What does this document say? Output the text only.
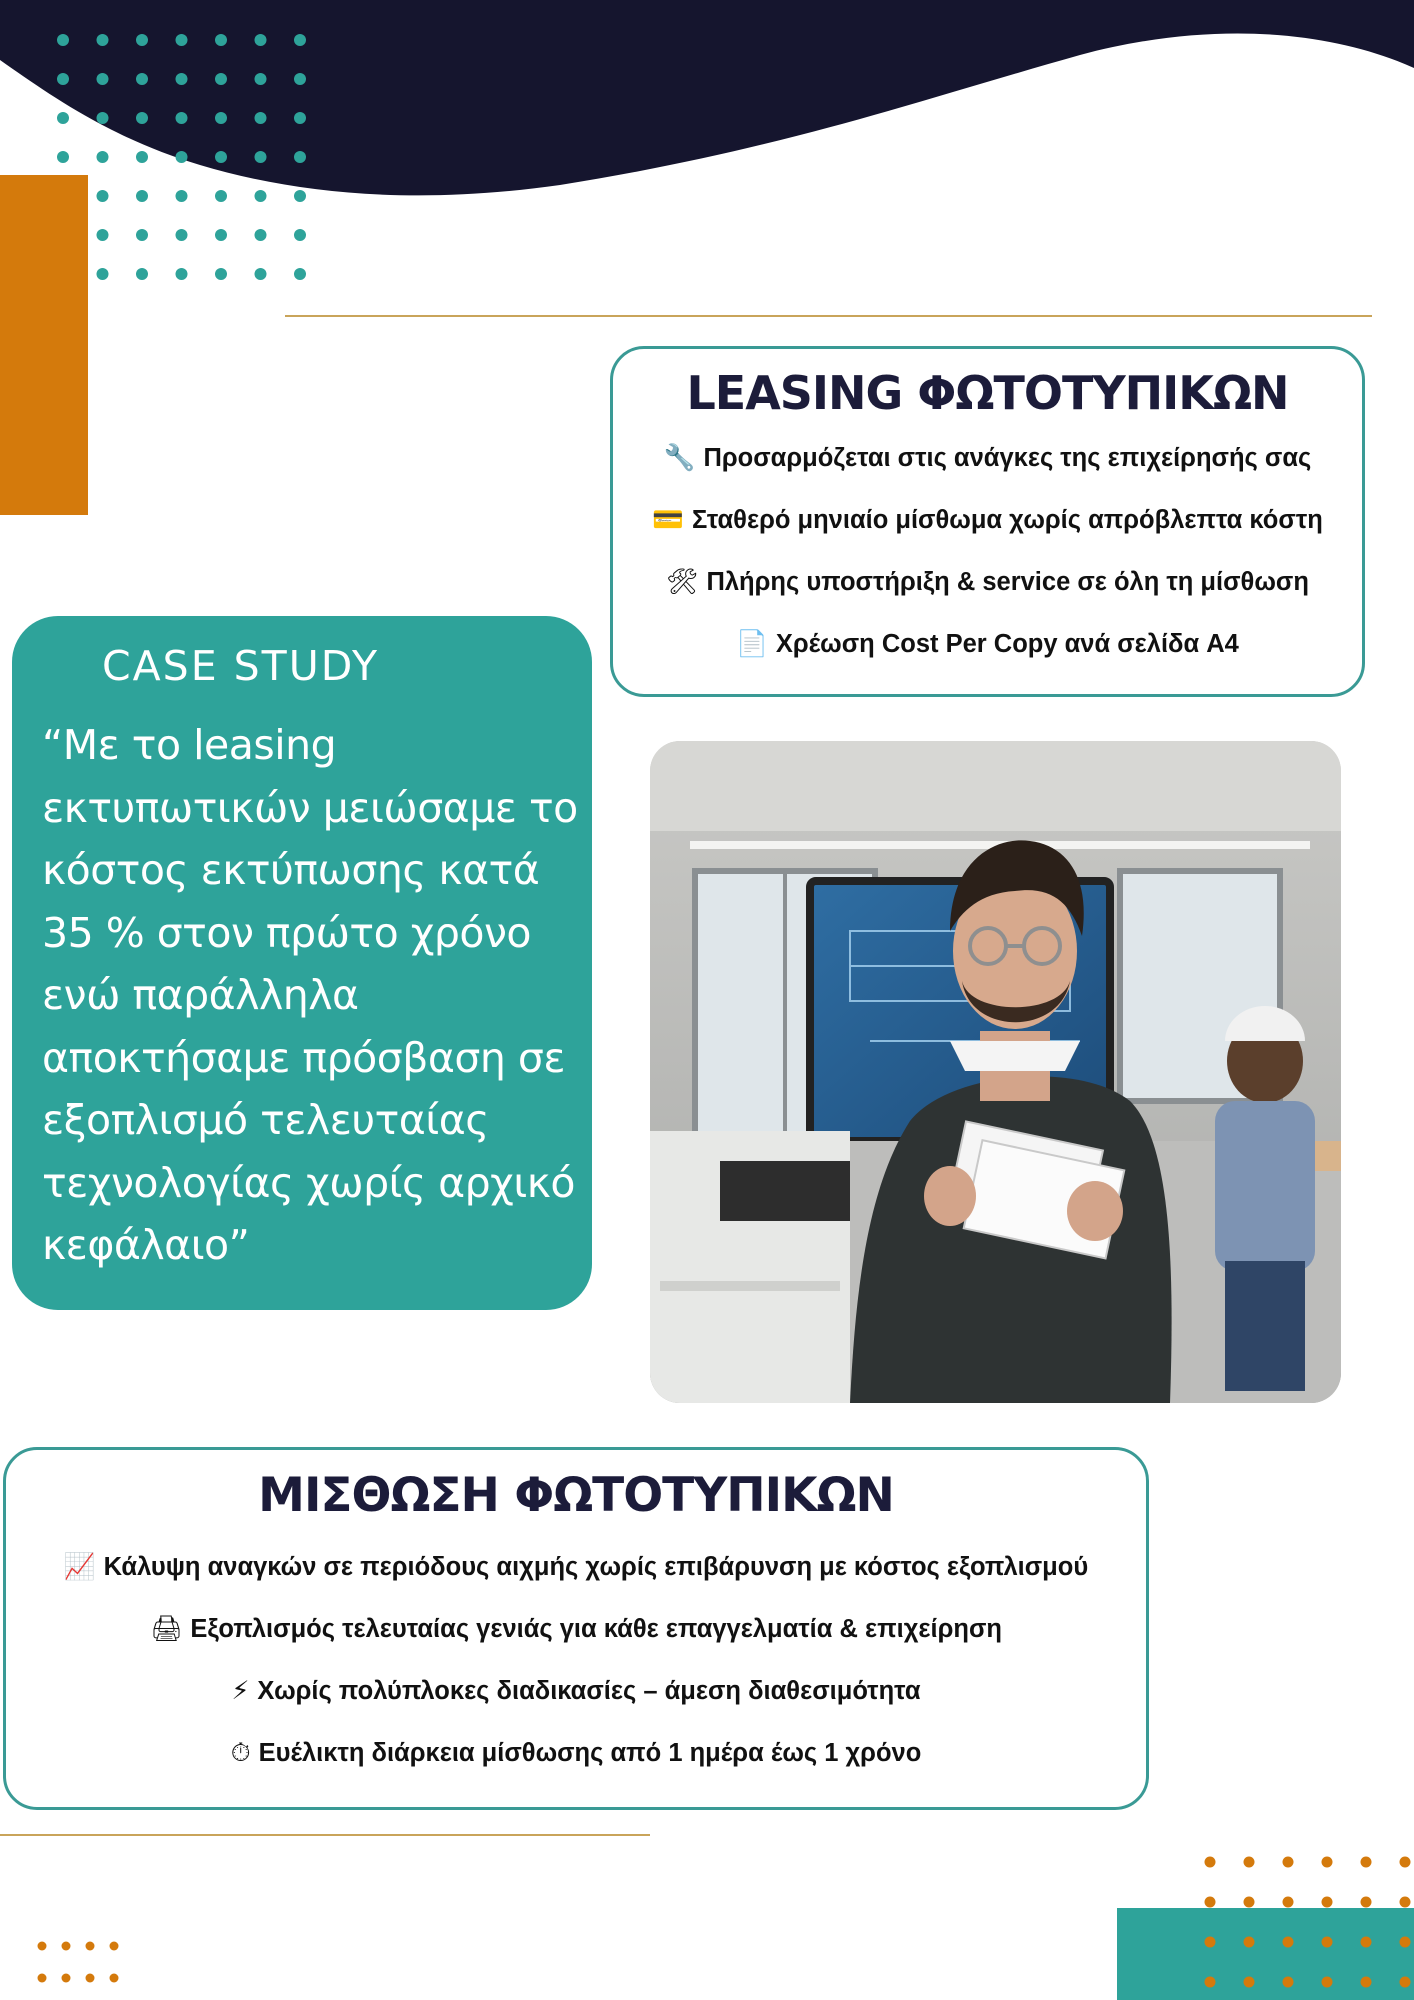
LEASING ΦΩΤΟΤΥΠΙΚΩΝ
🔧 Προσαρμόζεται στις ανάγκες της επιχείρησής σας
💳 Σταθερό μηνιαίο μίσθωμα χωρίς απρόβλεπτα κόστη
🛠 Πλήρης υποστήριξη & service σε όλη τη μίσθωση
📄 Χρέωση Cost Per Copy ανά σελίδα A4
CASE STUDY

“Με το leasing εκτυπωτικών μειώσαμε το κόστος εκτύπωσης κατά 35 % στον πρώτο χρόνο ενώ παράλληλα αποκτήσαμε πρόσβαση σε εξοπλισμό τελευταίας τεχνολογίας χωρίς αρχικό κεφάλαιο”

ΜΙΣΘΩΣΗ ΦΩΤΟΤΥΠΙΚΩΝ
📈 Κάλυψη αναγκών σε περιόδους αιχμής χωρίς επιβάρυνση με κόστος εξοπλισμού
🖨 Εξοπλισμός τελευταίας γενιάς για κάθε επαγγελματία & επιχείρηση
⚡ Χωρίς πολύπλοκες διαδικασίες – άμεση διαθεσιμότητα
⏱ Ευέλικτη διάρκεια μίσθωσης από 1 ημέρα έως 1 χρόνο
